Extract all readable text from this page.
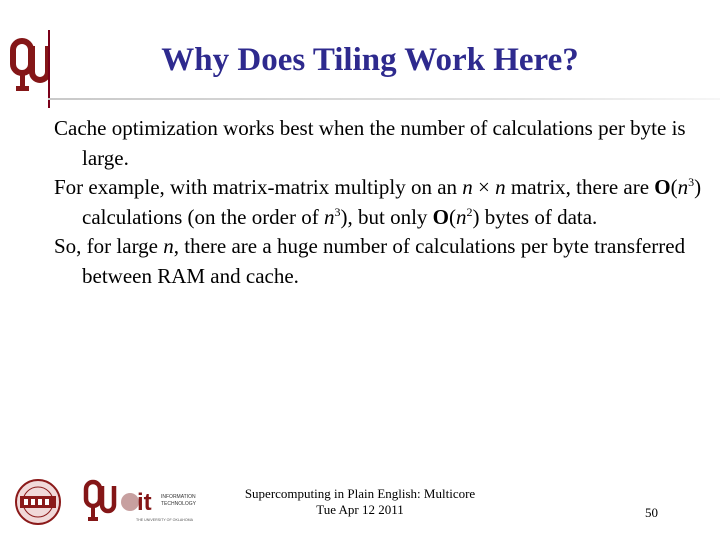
Why Does Tiling Work Here?
Cache optimization works best when the number of calculations per byte is large.
For example, with matrix-matrix multiply on an n × n matrix, there are $O(n^3)$ calculations (on the order of $n^3$), but only $O(n^2)$ bytes of data.
So, for large n, there are a huge number of calculations per byte transferred between RAM and cache.
it INFORMATION
TECHNOLOGY
THE UNIVERSITY OF OKLAHOMA
Supercomputing in Plain English: Multicore
Tue Apr 12 2011	50
